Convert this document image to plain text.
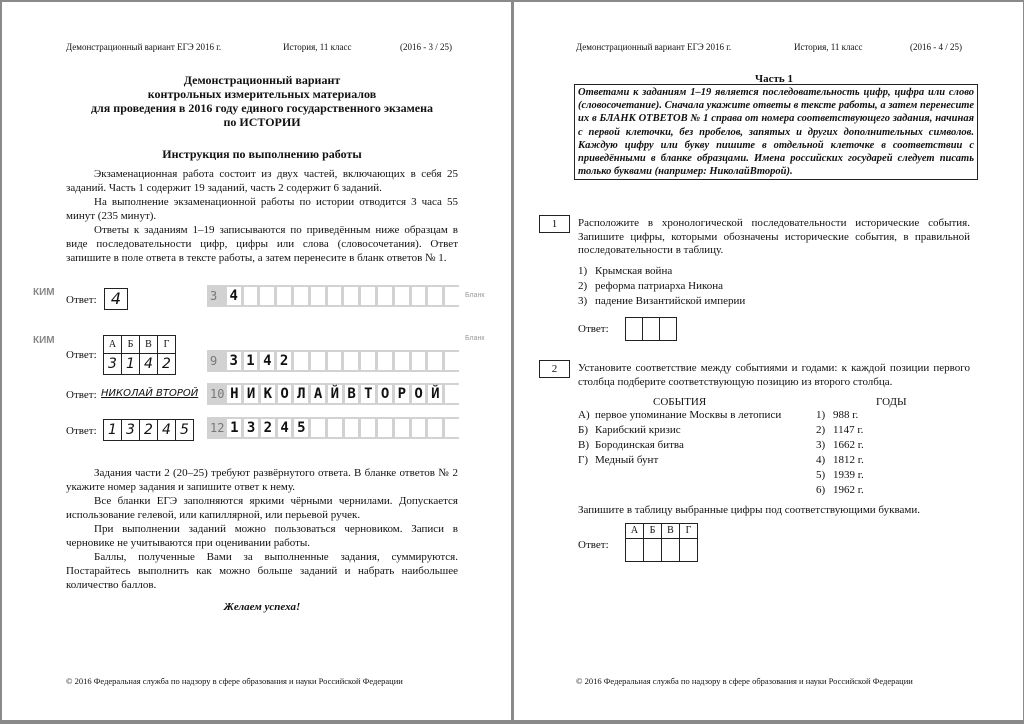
Демонстрационный вариант ЕГЭ 2016 г.	История, 11 класс	(2016 - 3 / 25)
Демонстрационный вариант
контрольных измерительных материалов
для проведения в 2016 году единого государственного экзамена
по ИСТОРИИ
Инструкция по выполнению работы
Экзаменационная работа состоит из двух частей, включающих в себя 25 заданий. Часть 1 содержит 19 заданий, часть 2 содержит 6 заданий.
На выполнение экзаменационной работы по истории отводится 3 часа 55 минут (235 минут).
Ответы к заданиям 1–19 записываются по приведённым ниже образцам в виде последовательности цифр, цифры или слова (словосочетания). Ответ запишите в поле ответа в тексте работы, а затем перенесите в бланк ответов № 1.
КИМ	Бланк
Ответ: 4	3 4
КИМ	Бланк
А	Б	В	Г
3 1 4 2
Ответ:	9 3 1 4 2
Ответ: НИКОЛАЙ ВТОРОЙ 10 Н И К О Л А Й В Т О Р О Й
Ответ: 1 3 2 4 5	12 1 3 2 4 5
Задания части 2 (20–25) требуют развёрнутого ответа. В бланке ответов № 2 укажите номер задания и запишите ответ к нему.
Все бланки ЕГЭ заполняются яркими чёрными чернилами. Допускается использование гелевой, или капиллярной, или перьевой ручек.
При выполнении заданий можно пользоваться черновиком. Записи в черновике не учитываются при оценивании работы.
Баллы, полученные Вами за выполненные задания, суммируются. Постарайтесь выполнить как можно больше заданий и набрать наибольшее количество баллов.
Желаем успеха!
© 2016 Федеральная служба по надзору в сфере образования и науки Российской Федерации
Демонстрационный вариант ЕГЭ 2016 г.	История, 11 класс	(2016 - 4 / 25)
Часть 1
Ответами к заданиям 1–19 является последовательность цифр, цифра или слово (словосочетание). Сначала укажите ответы в тексте работы, а затем перенесите их в БЛАНК ОТВЕТОВ № 1 справа от номера соответствующего задания, начиная с первой клеточки, без пробелов, запятых и других дополнительных символов. Каждую цифру или букву пишите в отдельной клеточке в соответствии с приведёнными в бланке образцами. Имена российских государей следует писать только буквами (например: НиколайВторой).
1	Расположите в хронологической последовательности исторические события. Запишите цифры, которыми обозначены исторические события, в правильной последовательности в таблицу.
1) Крымская война
2) реформа патриарха Никона
3) падение Византийской империи
Ответ:
2	Установите соответствие между событиями и годами: к каждой позиции первого столбца подберите соответствующую позицию из второго столбца.
СОБЫТИЯ	ГОДЫ
А) первое упоминание Москвы в летописи
Б) Карибский кризис
В) Бородинская битва
Г) Медный бунт
1) 988 г.
2) 1147 г.
3) 1662 г.
4) 1812 г.
5) 1939 г.
6) 1962 г.
Запишите в таблицу выбранные цифры под соответствующими буквами.
Ответ:
А	Б	В	Г
© 2016 Федеральная служба по надзору в сфере образования и науки Российской Федерации
